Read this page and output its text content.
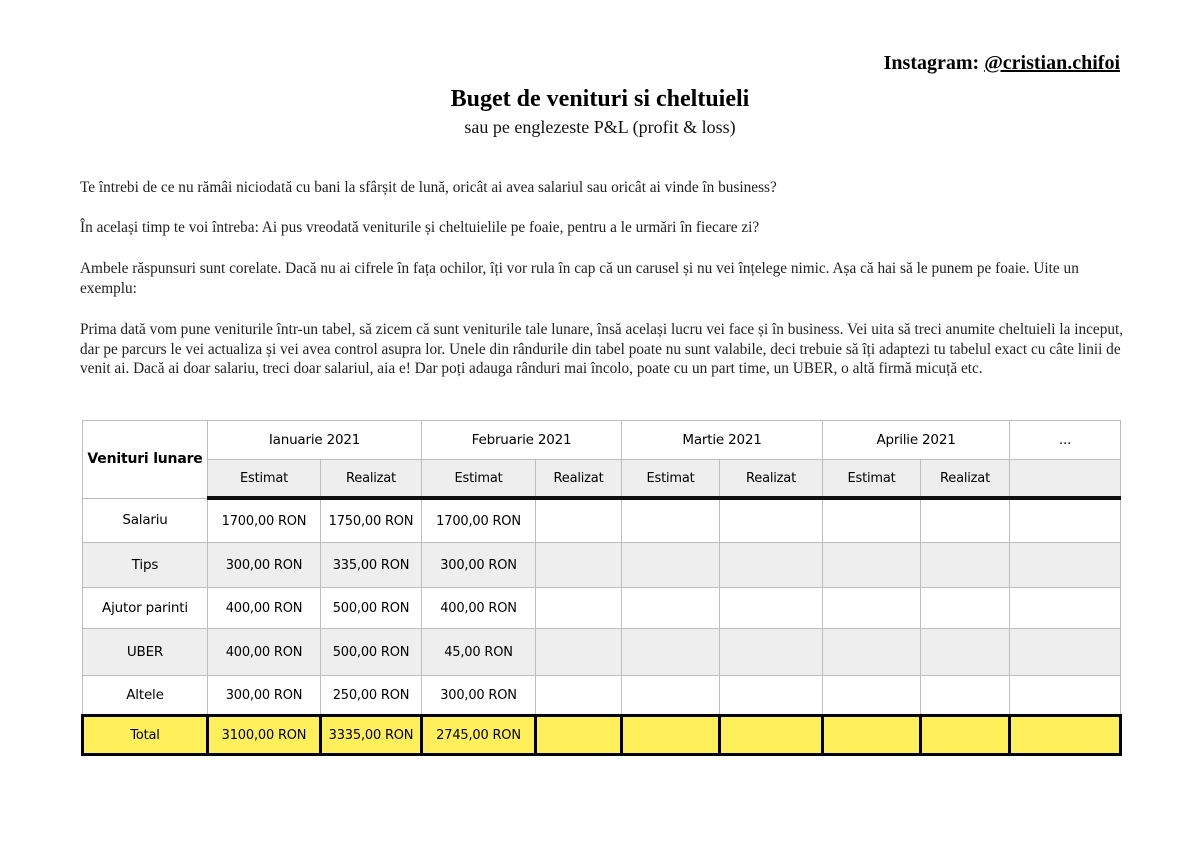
Instagram: @cristian.chifoi
Buget de venituri si cheltuieli
sau pe englezeste P&L (profit & loss)

Te întrebi de ce nu rămâi niciodată cu bani la sfârșit de lună, oricât ai avea salariul sau oricât ai vinde în business?

În același timp te voi întreba: Ai pus vreodată veniturile și cheltuielile pe foaie, pentru a le urmări în fiecare zi?

Ambele răspunsuri sunt corelate. Dacă nu ai cifrele în fața ochilor, îți vor rula în cap că un carusel și nu vei înțelege nimic. Așa că hai să le punem pe foaie. Uite un exemplu:

Prima dată vom pune veniturile într-un tabel, să zicem că sunt veniturile tale lunare, însă același lucru vei face și în business. Vei uita să treci anumite cheltuieli la inceput, dar pe parcurs le vei actualiza și vei avea control asupra lor. Unele din rândurile din tabel poate nu sunt valabile, deci trebuie să îți adaptezi tu tabelul exact cu câte linii de venit ai. Dacă ai doar salariu, treci doar salariul, aia e! Dar poți adauga rânduri mai încolo, poate cu un part time, un UBER, o altă firmă micuță etc.

Venituri lunare	Ianuarie 2021		Februarie 2021		Martie 2021		Aprilie 2021		...
	Estimat	Realizat	Estimat	Realizat	Estimat	Realizat	Estimat	Realizat	
Salariu	1700,00 RON	1750,00 RON	1700,00 RON						
Tips	300,00 RON	335,00 RON	300,00 RON						
Ajutor parinti	400,00 RON	500,00 RON	400,00 RON						
UBER	400,00 RON	500,00 RON	45,00 RON						
Altele	300,00 RON	250,00 RON	300,00 RON						
Total	3100,00 RON	3335,00 RON	2745,00 RON						
